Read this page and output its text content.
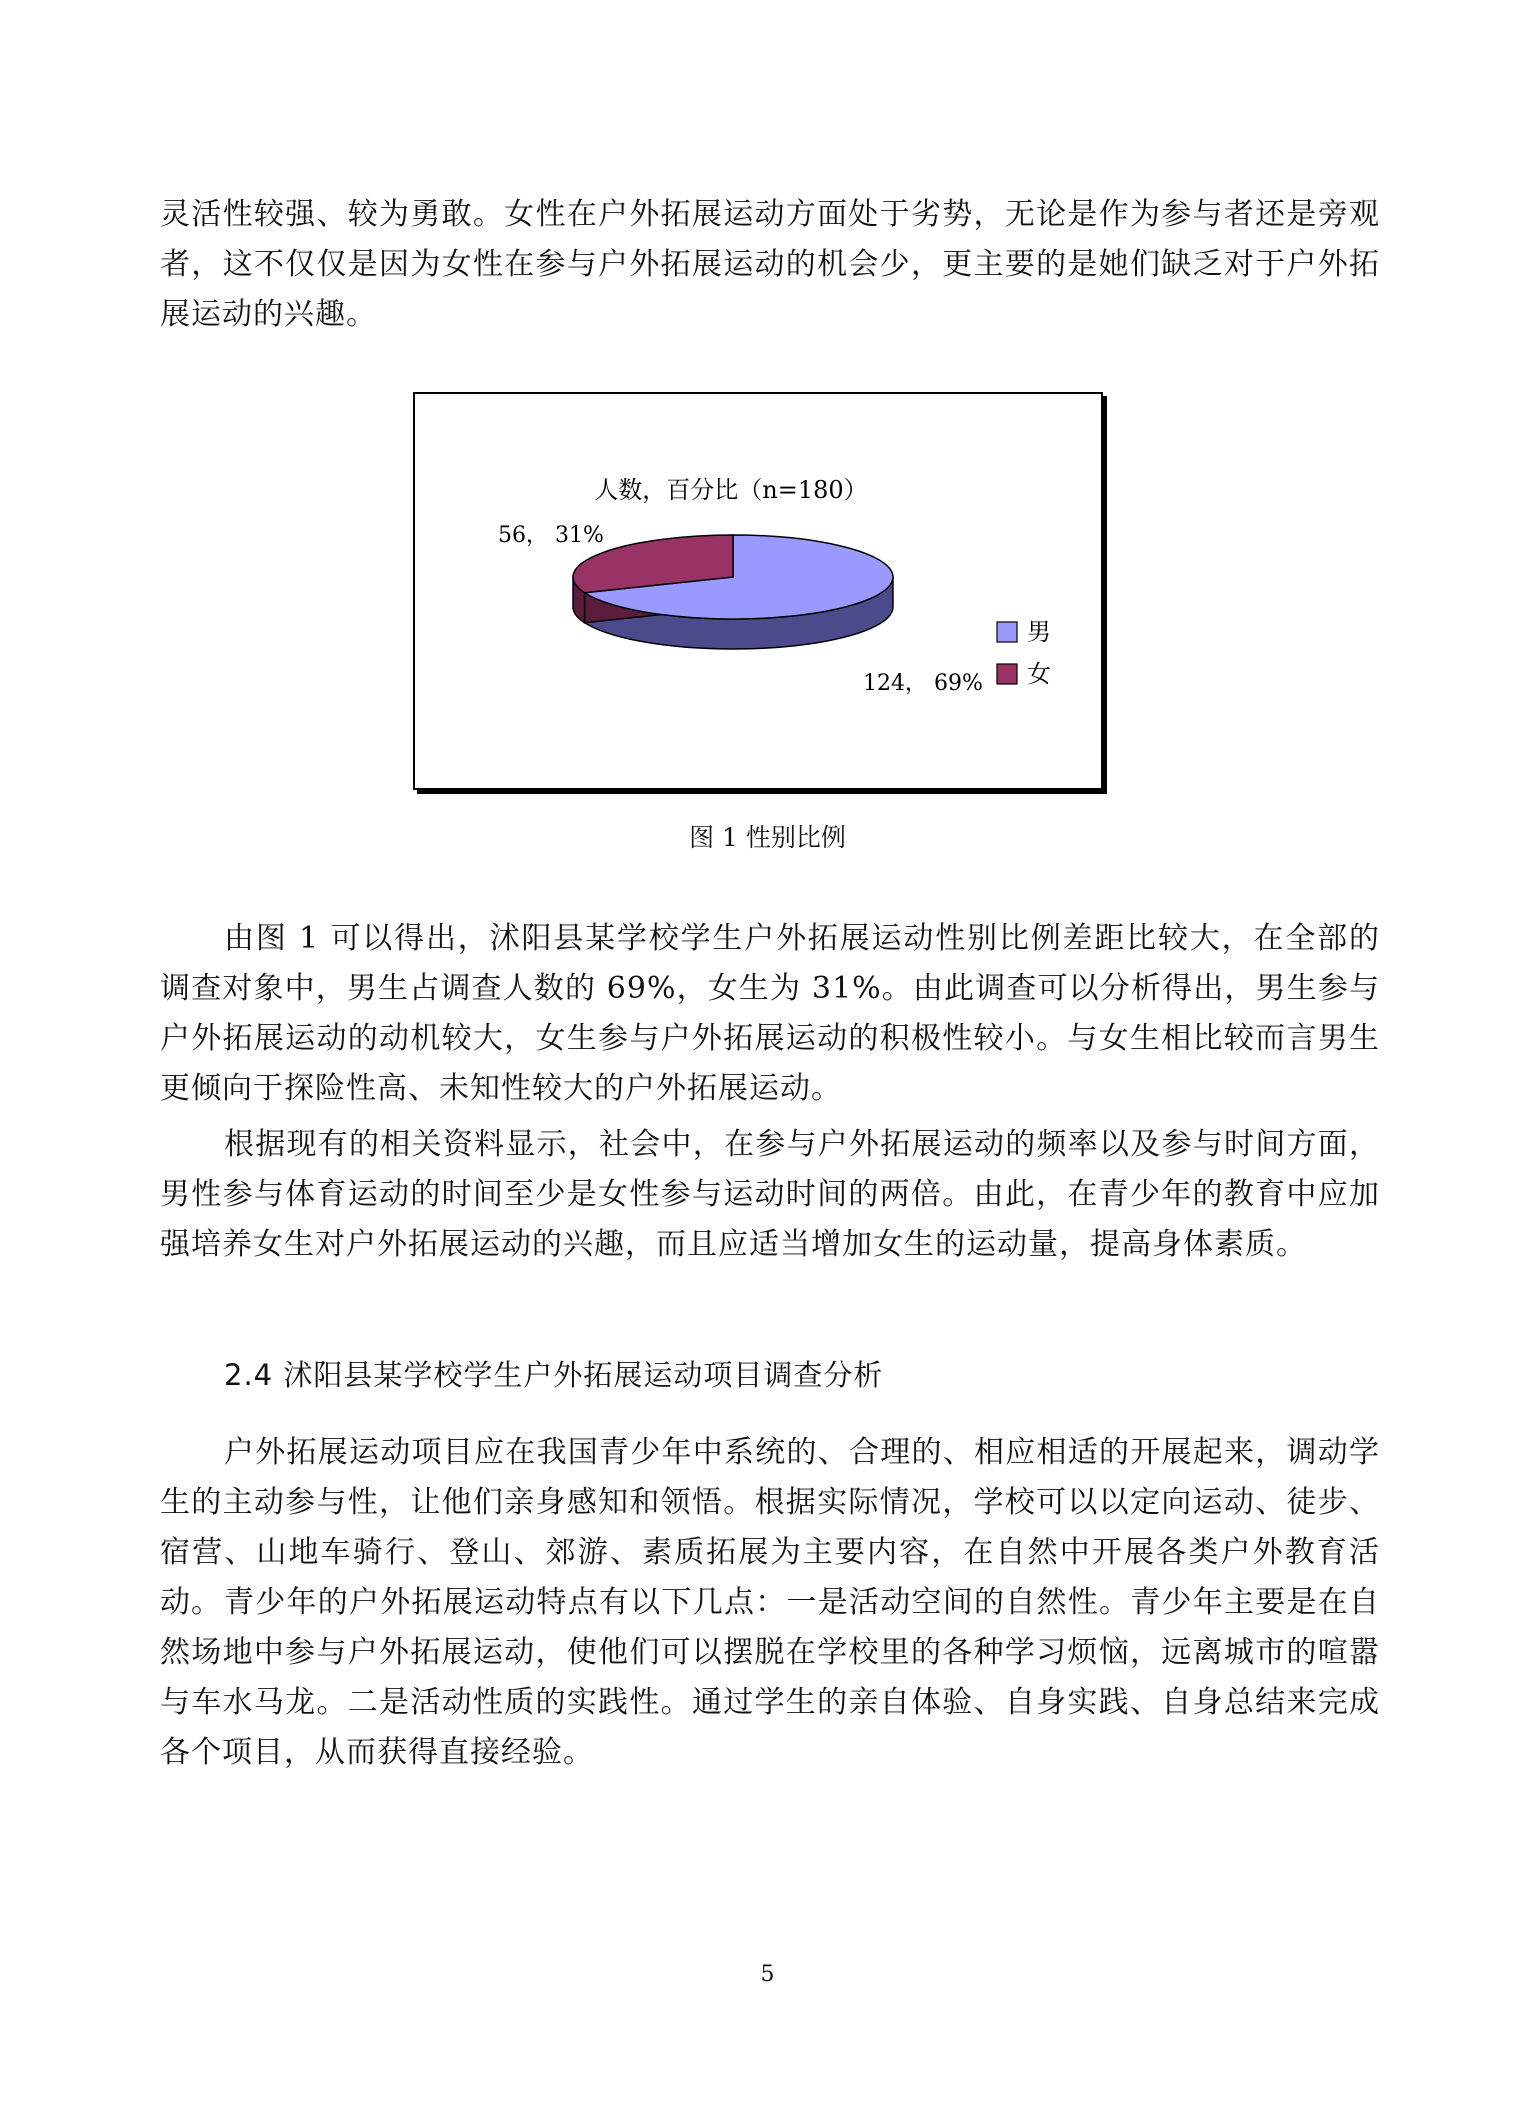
灵活性较强、较为勇敢。女性在户外拓展运动方面处于劣势，无论是作为参与者还是旁观者，这不仅仅是因为女性在参与户外拓展运动的机会少，更主要的是她们缺乏对于户外拓展运动的兴趣。

人数，百分比（n=180）
男
女
56， 31%
124， 69%

图 1 性别比例

由图 1 可以得出，沭阳县某学校学生户外拓展运动性别比例差距比较大，在全部的调查对象中，男生占调查人数的 69%，女生为 31%。由此调查可以分析得出，男生参与户外拓展运动的动机较大，女生参与户外拓展运动的积极性较小。与女生相比较而言男生更倾向于探险性高、未知性较大的户外拓展运动。

根据现有的相关资料显示，社会中，在参与户外拓展运动的频率以及参与时间方面，男性参与体育运动的时间至少是女性参与运动时间的两倍。由此，在青少年的教育中应加强培养女生对户外拓展运动的兴趣，而且应适当增加女生的运动量，提高身体素质。

2.4 沭阳县某学校学生户外拓展运动项目调查分析

户外拓展运动项目应在我国青少年中系统的、合理的、相应相适的开展起来，调动学生的主动参与性，让他们亲身感知和领悟。根据实际情况，学校可以以定向运动、徒步、宿营、山地车骑行、登山、郊游、素质拓展为主要内容，在自然中开展各类户外教育活动。 青少年的户外拓展运动特点有以下几点：一是活动空间的自然性。青少年主要是在自然场地中参与户外拓展运动，使他们可以摆脱在学校里的各种学习烦恼，远离城市的喧嚣与车水马龙。二是活动性质的实践性。通过学生的亲自体验、自身实践、自身总结来完成各个项目，从而获得直接经验。

5
